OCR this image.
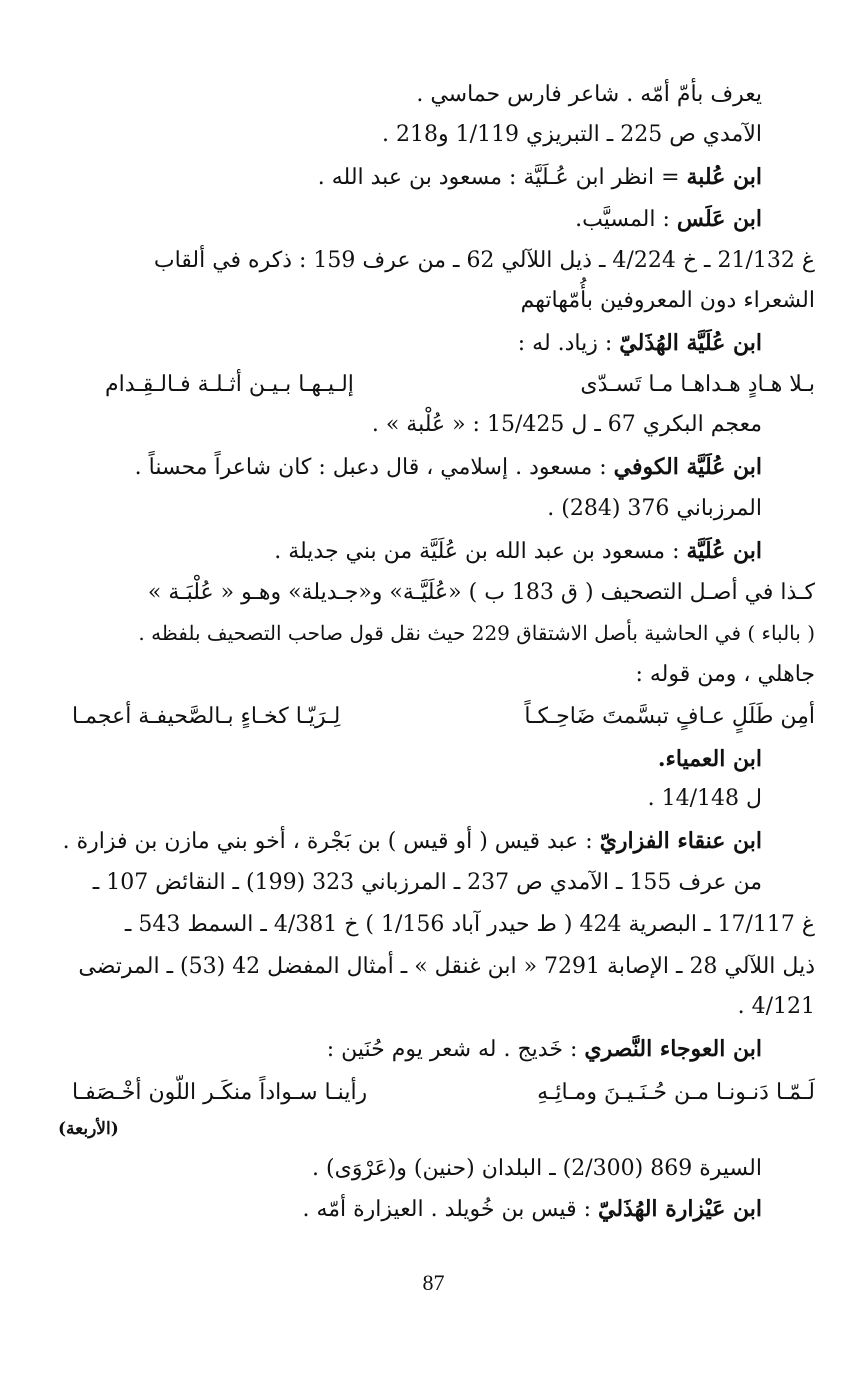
يعرف بأمّ أمّه . شاعر فارس حماسي .
الآمدي ص 225 ـ التبريزي 1/119 و218 .
ابن عُلبة = انظر ابن عُـلَيَّة : مسعود بن عبد الله .
ابن عَلَس : المسيَّب.
غ 21/132 ـ خ 4/224 ـ ذيل اللآلي 62 ـ من عرف 159 : ذكره في ألقاب
الشعراء دون المعروفين بأُمّهاتهم
ابن عُلَيَّة الهُذَليّ : زياد. له :
بـلا هـادٍ هـداهـا مـا تَسـدّى
إلـيـهـا بـيـن أثـلـة فـالـقِـدام
معجم البكري 67 ـ ل 15/425 : « عُلْبة » .
ابن عُلَيَّة الكوفي : مسعود . إسلامي ، قال دعبل : كان شاعراً محسناً .
المرزباني 376 (284) .
ابن عُلَيَّة : مسعود بن عبد الله بن عُلَيَّة من بني جديلة .
كـذا في أصـل التصحيف ( ق 183 ب ) «عُلَيَّـة» و«جـديلة» وهـو « عُلْبَـة »
( بالباء ) في الحاشية بأصل الاشتقاق 229 حيث نقل قول صاحب التصحيف بلفظه .
جاهلي ، ومن قوله :
أمِن طَلَلٍ عـافٍ تبسَّمتَ ضَاحِـكـاً
لِـرَيّـا كخـاءٍ بـالصَّحيفـة أعجمـا
ابن العمياء.
ل 14/148 .
ابن عنقاء الفزاريّ : عبد قيس ( أو قيس ) بن بَجْرة ، أخو بني مازن بن فزارة .
من عرف 155 ـ الآمدي ص 237 ـ المرزباني 323 (199) ـ النقائض 107 ـ
غ 17/117 ـ البصرية 424 ( ط حيدر آباد 1/156 ) خ 4/381 ـ السمط 543 ـ
ذيل اللآلي 28 ـ الإصابة 7291 « ابن غنقل » ـ أمثال المفضل 42 (53) ـ المرتضى
4/121 .
ابن العوجاء النَّصري : خَديج . له شعر يوم حُنَين :
لَـمّـا دَنـونـا مـن حُـنَـيـنَ ومـائِـهِ
رأينـا سـواداً منكَـر اللّون أخْـصَفـا
(الأربعة)
السيرة 869 (2/300) ـ البلدان (حنين) و(عَرْوَى) .
ابن عَيْزارة الهُذَليّ : قيس بن خُويلد . العيزارة أمّه .
87
